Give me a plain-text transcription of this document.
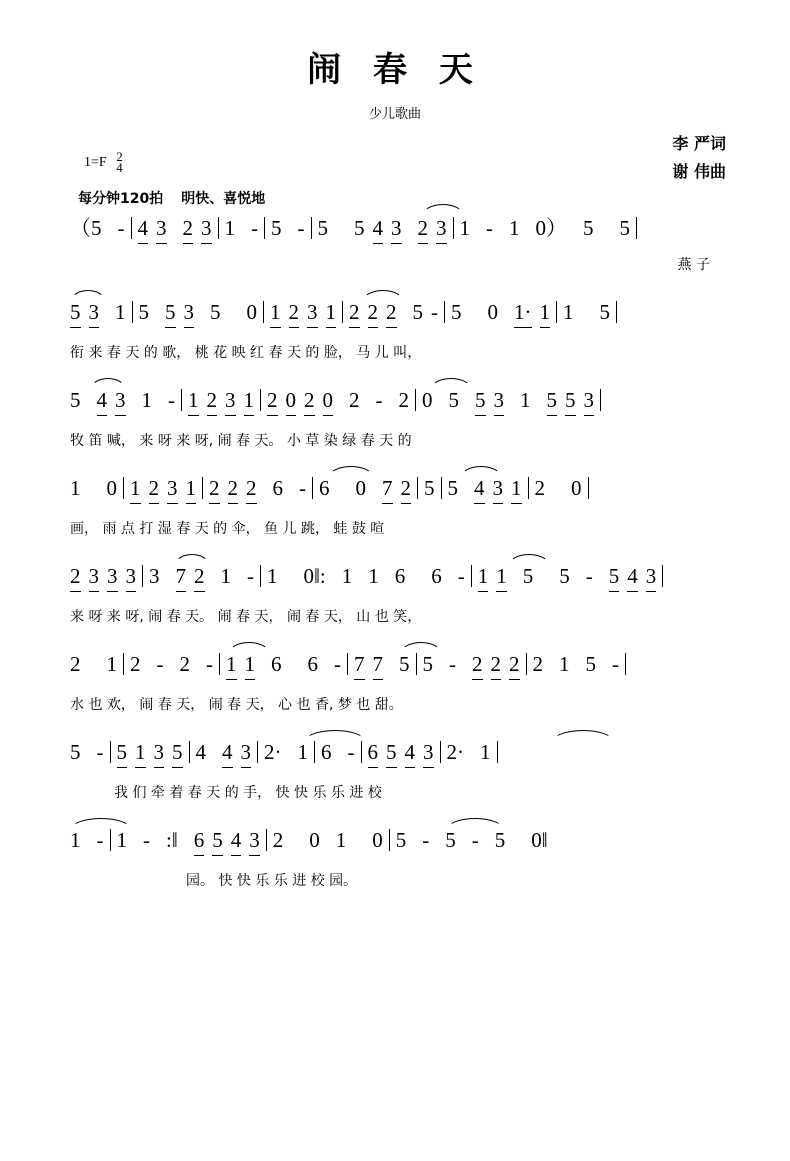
闹 春 天
少儿歌曲
李 严词
谢 伟曲
1=F 2
4
每分钟120拍 明快、喜悦地
（5 - 4 3 2 3 1 - 5 - 5 5 4 3 2 3 1 - 1 0） 5 5
燕 子
5 3 1 5 5 3 5 0 1 2 3 1 2 2 2 5 - 5 0 1· 1 1 5
衔 来 春 天 的 歌， 桃 花 映 红 春 天 的 脸， 马 儿 叫，
5 4 3 1 - 1 2 3 1 2 0 2 0 2 - 2 0 5 5 3 1 5 5 3
牧 笛 喊， 来 呀 来 呀, 闹 春 天。 小 草 染 绿 春 天 的
1 0 1 2 3 1 2 2 2 6 - 6 0 7 2 5 5 4 3 1 2 0
画， 雨 点 打 湿 春 天 的 伞， 鱼 儿 跳， 蛙 鼓 喧
2 3 3 3 3 7 2 1 - 1 0‖: 1 1 6 6 - 1 1 5 5 - 5 4 3
来 呀 来 呀, 闹 春 天。 闹 春 天， 闹 春 天， 山 也 笑，
2 1 2 - 2 - 1 1 6 6 - 7 7 5 5 - 2 2 2 2 1 5 -
水 也 欢， 闹 春 天， 闹 春 天， 心 也 香, 梦 也 甜。
5 - 5 1 3 5 4 4 3 2· 1 6 - 6 5 4 3 2· 1
我 们 牵 着 春 天 的 手， 快 快 乐 乐 进 校
1 - 1 - :‖ 6 5 4 3 2 0 1 0 5 - 5 - 5 0‖
园。 快 快 乐 乐 进 校 园。
